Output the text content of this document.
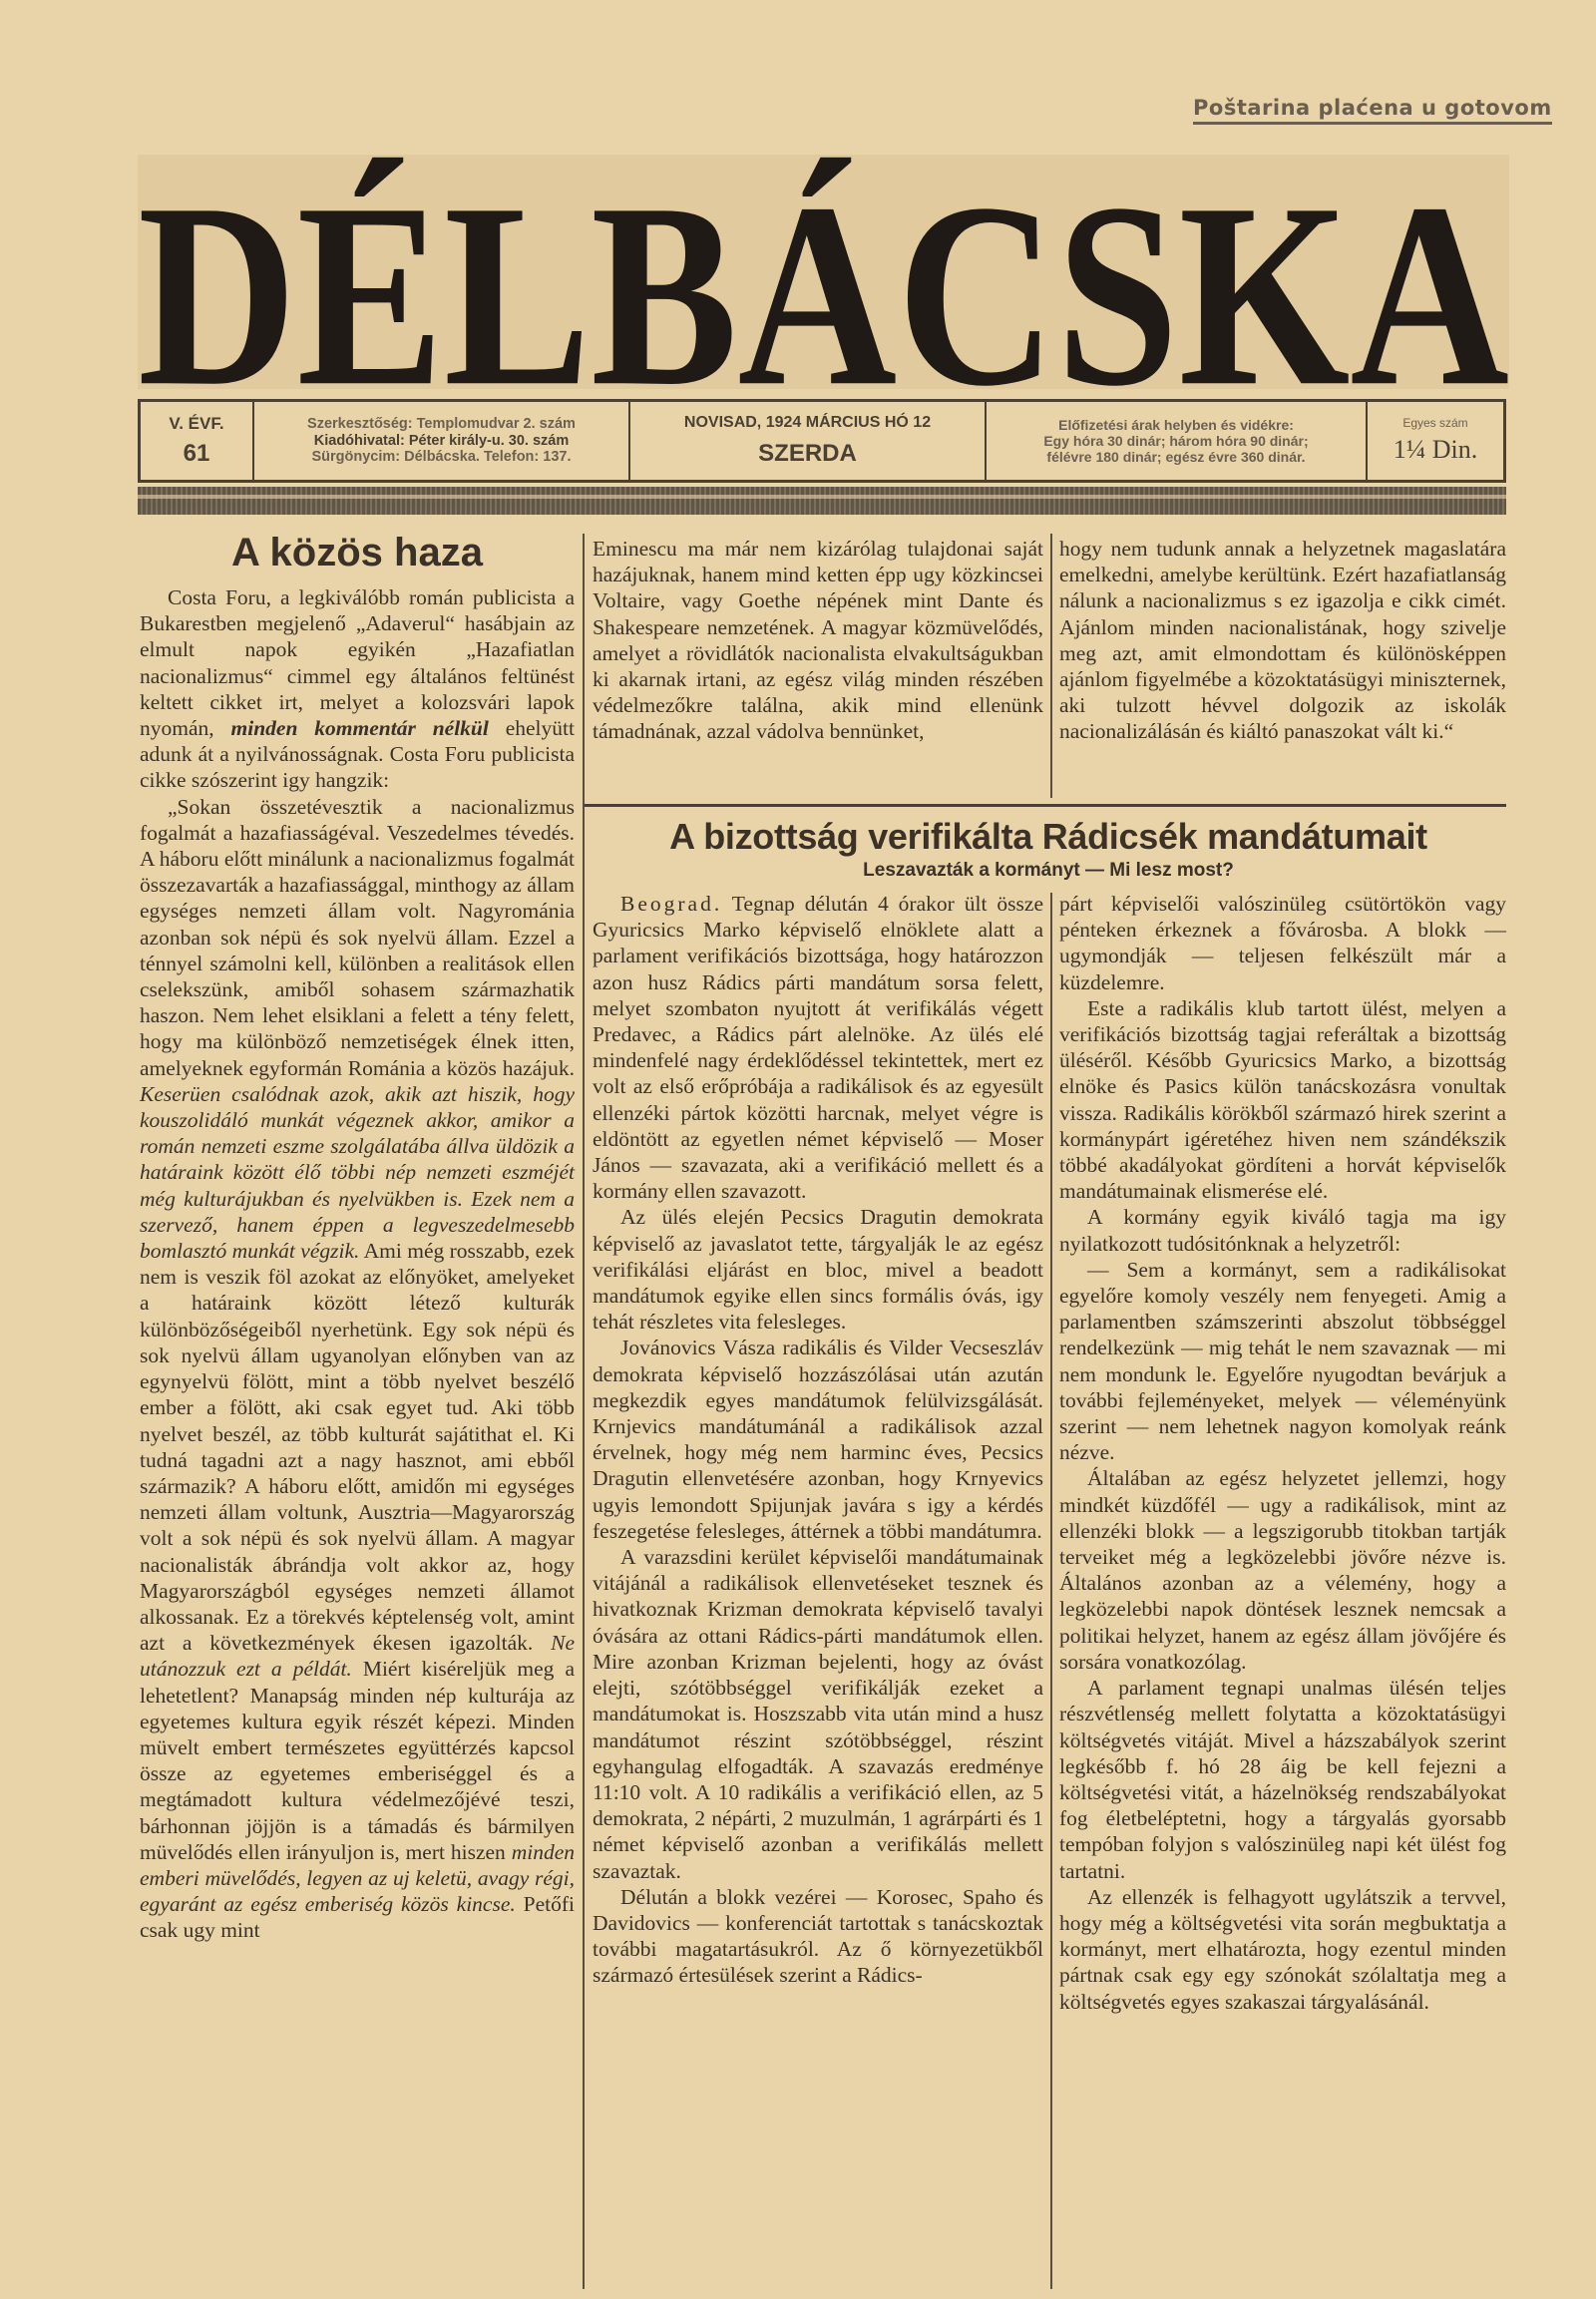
Poštarina plaćena u gotovom
DÉLBÁCSKA
V. ÉVF.
61
Szerkesztőség: Templomudvar 2. szám
Kiadóhivatal: Péter király-u. 30. szám
Sürgönycim: Délbácska. Telefon: 137.
NOVISAD, 1924 MÁRCIUS HÓ 12
SZERDA
Előfizetési árak helyben és vidékre:
Egy hóra 30 dinár; három hóra 90 dinár;
félévre 180 dinár; egész évre 360 dinár.
Egyes szám
1¼ Din.
A közös haza

Costa Foru, a legkiválóbb román publicista a Bukarestben megjelenő „Adaverul“ hasábjain az elmult napok egyikén „Hazafiatlan nacionalizmus“ cimmel egy általános feltünést keltett cikket irt, melyet a kolozsvári lapok nyomán, minden kommentár nélkül ehelyütt adunk át a nyilvánosságnak. Costa Foru publicista cikke szószerint igy hangzik:

„Sokan összetévesztik a nacionalizmus fogalmát a hazafiasságéval. Veszedelmes tévedés. A háboru előtt minálunk a nacionalizmus fogalmát összezavarták a hazafiassággal, minthogy az állam egységes nemzeti állam volt. Nagyrománia azonban sok népü és sok nyelvü állam. Ezzel a ténnyel számolni kell, különben a realitások ellen cselekszünk, amiből sohasem származhatik haszon. Nem lehet elsiklani a felett a tény felett, hogy ma különböző nemzetiségek élnek itten, amelyeknek egyformán Románia a közös hazájuk. Keserüen csalódnak azok, akik azt hiszik, hogy kouszolidáló munkát végeznek akkor, amikor a román nemzeti eszme szolgálatába állva üldözik a határaink között élő többi nép nemzeti eszméjét még kulturájukban és nyelvükben is. Ezek nem a szervező, hanem éppen a legveszedelmesebb bomlasztó munkát végzik. Ami még rosszabb, ezek nem is veszik föl azokat az előnyöket, amelyeket a határaink között létező kulturák különbözőségeiből nyerhetünk. Egy sok népü és sok nyelvü állam ugyanolyan előnyben van az egynyelvü fölött, mint a több nyelvet beszélő ember a fölött, aki csak egyet tud. Aki több nyelvet beszél, az több kulturát sajátithat el. Ki tudná tagadni azt a nagy hasznot, ami ebből származik? A háboru előtt, amidőn mi egységes nemzeti állam voltunk, Ausztria—Magyarország volt a sok népü és sok nyelvü állam. A magyar nacionalisták ábrándja volt akkor az, hogy Magyarországból egységes nemzeti államot alkossanak. Ez a törekvés képtelenség volt, amint azt a következmények ékesen igazolták. Ne utánozzuk ezt a példát. Miért kiséreljük meg a lehetetlent? Manapság minden nép kulturája az egyetemes kultura egyik részét képezi. Minden müvelt embert természetes együttérzés kapcsol össze az egyetemes emberiséggel és a megtámadott kultura védelmezőjévé teszi, bárhonnan jöjjön is a támadás és bármilyen müvelődés ellen irányuljon is, mert hiszen minden emberi müvelődés, legyen az uj keletü, avagy régi, egyaránt az egész emberiség közös kincse. Petőfi csak ugy mint

Eminescu ma már nem kizárólag tulajdonai saját hazájuknak, hanem mind ketten épp ugy közkincsei Voltaire, vagy Goethe népének mint Dante és Shakespeare nemzetének. A magyar közmüvelődés, amelyet a rövidlátók nacionalista elvakultságukban ki akarnak irtani, az egész világ minden részében védelmezőkre találna, akik mind ellenünk támadnának, azzal vádolva bennünket,

hogy nem tudunk annak a helyzetnek magaslatára emelkedni, amelybe kerültünk. Ezért hazafiatlanság nálunk a nacionalizmus s ez igazolja e cikk cimét. Ajánlom minden nacionalistának, hogy szivelje meg azt, amit elmondottam és különösképpen ajánlom figyelmébe a közoktatásügyi miniszternek, aki tulzott hévvel dolgozik az iskolák nacionalizálásán és kiáltó panaszokat vált ki.“

A bizottság verifikálta Rádicsék mandátumait
Leszavazták a kormányt — Mi lesz most?

Beograd. Tegnap délután 4 órakor ült össze Gyuricsics Marko képviselő elnöklete alatt a parlament verifikációs bizottsága, hogy határozzon azon husz Rádics párti mandátum sorsa felett, melyet szombaton nyujtott át verifikálás végett Predavec, a Rádics párt alelnöke. Az ülés elé mindenfelé nagy érdeklődéssel tekintettek, mert ez volt az első erőpróbája a radikálisok és az egyesült ellenzéki pártok közötti harcnak, melyet végre is eldöntött az egyetlen német képviselő — Moser János — szavazata, aki a verifikáció mellett és a kormány ellen szavazott.

Az ülés elején Pecsics Dragutin demokrata képviselő az javaslatot tette, tárgyalják le az egész verifikálási eljárást en bloc, mivel a beadott mandátumok egyike ellen sincs formális óvás, igy tehát részletes vita felesleges.

Jovánovics Vásza radikális és Vilder Vecseszláv demokrata képviselő hozzászólásai után azután megkezdik egyes mandátumok felülvizsgálását. Krnjevics mandátumánál a radikálisok azzal érvelnek, hogy még nem harminc éves, Pecsics Dragutin ellenvetésére azonban, hogy Krnyevics ugyis lemondott Spijunjak javára s igy a kérdés feszegetése felesleges, áttérnek a többi mandátumra.

A varazsdini kerület képviselői mandátumainak vitájánál a radikálisok ellenvetéseket tesznek és hivatkoznak Krizman demokrata képviselő tavalyi óvására az ottani Rádics-párti mandátumok ellen. Mire azonban Krizman bejelenti, hogy az óvást elejti, szótöbbséggel verifikálják ezeket a mandátumokat is. Hoszszabb vita után mind a husz mandátumot részint szótöbbséggel, részint egyhangulag elfogadták. A szavazás eredménye 11:10 volt. A 10 radikális a verifikáció ellen, az 5 demokrata, 2 népárti, 2 muzulmán, 1 agrárpárti és 1 német képviselő azonban a verifikálás mellett szavaztak.

Délután a blokk vezérei — Korosec, Spaho és Davidovics — konferenciát tartottak s tanácskoztak további magatartásukról. Az ő környezetükből származó értesülések szerint a Rádics-

párt képviselői valószinüleg csütörtökön vagy pénteken érkeznek a fővárosba. A blokk — ugymondják — teljesen felkészült már a küzdelemre.

Este a radikális klub tartott ülést, melyen a verifikációs bizottság tagjai referáltak a bizottság üléséről. Később Gyuricsics Marko, a bizottság elnöke és Pasics külön tanácskozásra vonultak vissza. Radikális körökből származó hirek szerint a kormánypárt igéretéhez hiven nem szándékszik többé akadályokat gördíteni a horvát képviselők mandátumainak elismerése elé.

A kormány egyik kiváló tagja ma igy nyilatkozott tudósitónknak a helyzetről:

— Sem a kormányt, sem a radikálisokat egyelőre komoly veszély nem fenyegeti. Amig a parlamentben számszerinti abszolut többséggel rendelkezünk — mig tehát le nem szavaznak — mi nem mondunk le. Egyelőre nyugodtan bevárjuk a további fejleményeket, melyek — véleményünk szerint — nem lehetnek nagyon komolyak reánk nézve.

Általában az egész helyzetet jellemzi, hogy mindkét küzdőfél — ugy a radikálisok, mint az ellenzéki blokk — a legszigorubb titokban tartják terveiket még a legközelebbi jövőre nézve is. Általános azonban az a vélemény, hogy a legközelebbi napok döntések lesznek nemcsak a politikai helyzet, hanem az egész állam jövőjére és sorsára vonatkozólag.

A parlament tegnapi unalmas ülésén teljes részvétlenség mellett folytatta a közoktatásügyi költségvetés vitáját. Mivel a házszabályok szerint legkésőbb f. hó 28 áig be kell fejezni a költségvetési vitát, a házelnökség rendszabályokat fog életbeléptetni, hogy a tárgyalás gyorsabb tempóban folyjon s valószinüleg napi két ülést fog tartatni.

Az ellenzék is felhagyott ugylátszik a tervvel, hogy még a költségvetési vita során megbuktatja a kormányt, mert elhatározta, hogy ezentul minden pártnak csak egy egy szónokát szólaltatja meg a költségvetés egyes szakaszai tárgyalásánál.
